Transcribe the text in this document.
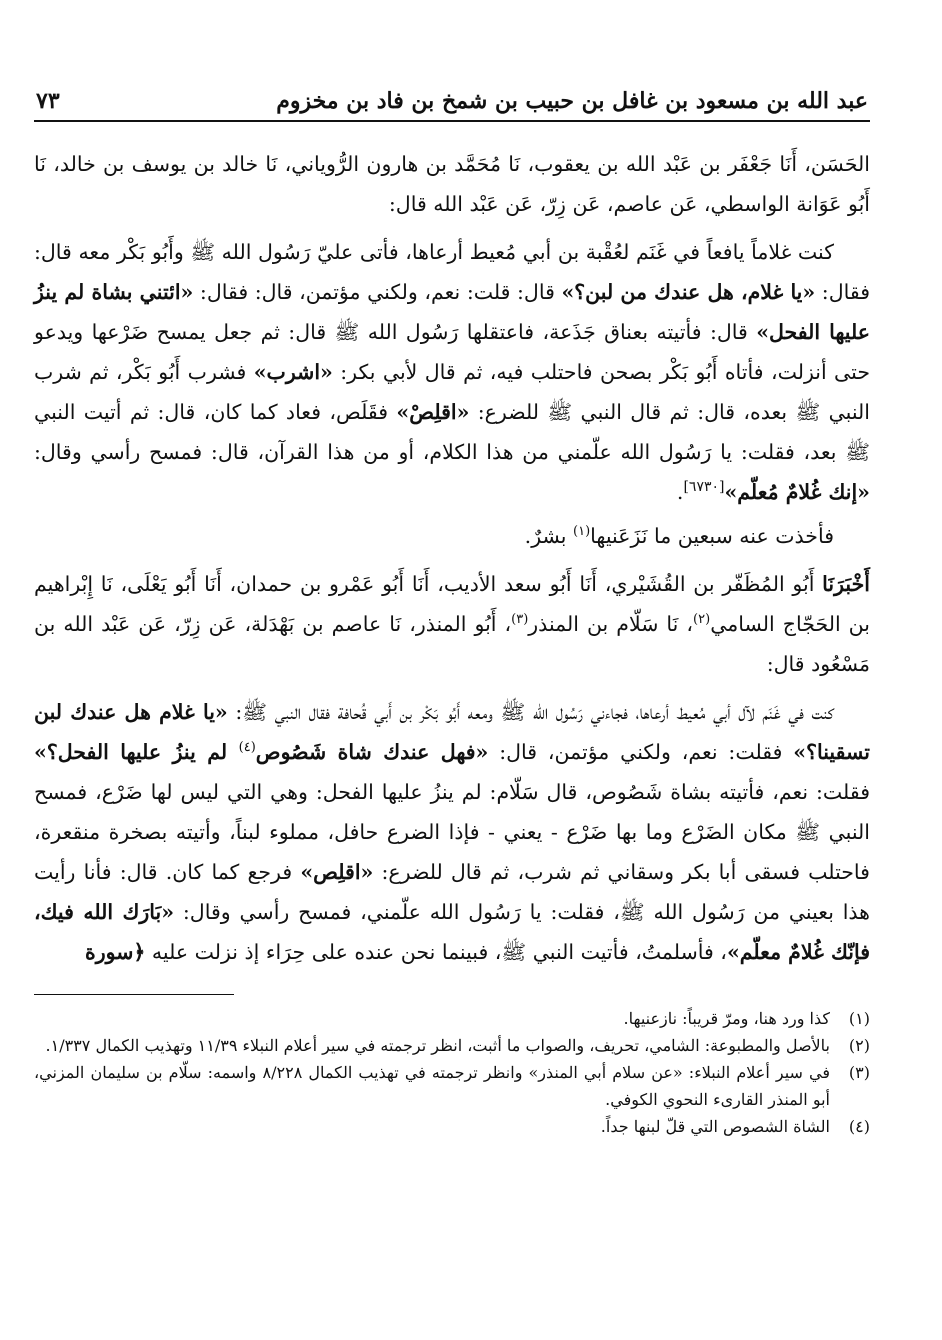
عبد الله بن مسعود بن غافل بن حبيب بن شمخ بن فاد بن مخزوم
٧٣

الحَسَن، أَنَا جَعْفَر بن عَبْد الله بن يعقوب، نَا مُحَمَّد بن هارون الرُّوياني، نَا خالد بن يوسف بن خالد، نَا أَبُو عَوَانة الواسطي، عَن عاصم، عَن زِرّ، عَن عَبْد الله قال:

كنت غلاماً يافعاً في غَنَم لعُقْبة بن أبي مُعيط أرعاها، فأتى عليّ رَسُول الله ﷺ وأَبُو بَكْر معه قال: فقال: «يا غلام، هل عندك من لبن؟» قال: قلت: نعم، ولكني مؤتمن، قال: فقال: «ائتني بشاة لم ينزُ عليها الفحل» قال: فأتيته بعناق جَذَعة، فاعتقلها رَسُول الله ﷺ قال: ثم جعل يمسح ضَرْعها ويدعو حتى أنزلت، فأتاه أَبُو بَكْر بصحن فاحتلب فيه، ثم قال لأبي بكر: «اشرب» فشرب أَبُو بَكْر، ثم شرب النبي ﷺ بعده، قال: ثم قال النبي ﷺ للضرع: «اقلِصْ» فقَلَص، فعاد كما كان، قال: ثم أتيت النبي ﷺ بعد، فقلت: يا رَسُول الله علّمني من هذا الكلام، أو من هذا القرآن، قال: فمسح رأسي وقال: «إنك غُلامٌ مُعلّم»[٦٧٣٠].

فأخذت عنه سبعين ما نَزَعَنيها$^{(١)}$ بشرٌ.

أَخْبَرَنَا أَبُو المُظَفّر بن القُشَيْري، أَنَا أَبُو سعد الأديب، أَنَا أَبُو عَمْرو بن حمدان، أَنَا أَبُو يَعْلَى، نَا إِبْراهيم بن الحَجّاج السامي$^{(٢)}$، نَا سَلّام بن المنذر$^{(٣)}$، أَبُو المنذر، نَا عاصم بن بَهْدَلة، عَن زِرّ، عَن عَبْد الله بن مَسْعُود قال:

كنت في غَنَم لآل أبي مُعيط أرعاها، فجاءني رَسُول الله ﷺ ومعه أَبُو بَكْر بن أَبي قُحافة فقال النبي ﷺ: «يا غلام هل عندك لبن تسقينا؟» فقلت: نعم، ولكني مؤتمن، قال: «فهل عندك شاة شَصُوص$^{(٤)}$ لم ينزُ عليها الفحل؟» فقلت: نعم، فأتيته بشاة شَصُوص، قال سَلّام: لم ينزُ عليها الفحل: وهي التي ليس لها ضَرْع، فمسح النبي ﷺ مكان الضَرْع وما بها ضَرْع - يعني - فإذا الضرع حافل، مملوء لبناً، وأتيته بصخرة منقعرة، فاحتلب فسقى أبا بكر وسقاني ثم شرب، ثم قال للضرع: «اقلِص» فرجع كما كان. قال: فأنا رأيت هذا بعيني من رَسُول الله ﷺ، فقلت: يا رَسُول الله علّمني، فمسح رأسي وقال: «بَارَك الله فيك، فإنّك غُلامٌ معلّم»، فأسلمتُ، فأتيت النبي ﷺ، فبينما نحن عنده على حِرَاء إذ نزلت عليه ﴿سورة

(١)
كذا ورد هنا، ومرّ قريباً: نازعنيها.
(٢)
بالأصل والمطبوعة: الشامي، تحريف، والصواب ما أثبت، انظر ترجمته في سير أعلام النبلاء ١١/٣٩ وتهذيب الكمال ١/٣٣٧.
(٣)
في سير أعلام النبلاء: «عن سلام أبي المنذر» وانظر ترجمته في تهذيب الكمال ٨/٢٢٨ واسمه: سلّام بن سليمان المزني، أبو المنذر القارىء النحوي الكوفي.
(٤)
الشاة الشصوص التي قلّ لبنها جداً.
